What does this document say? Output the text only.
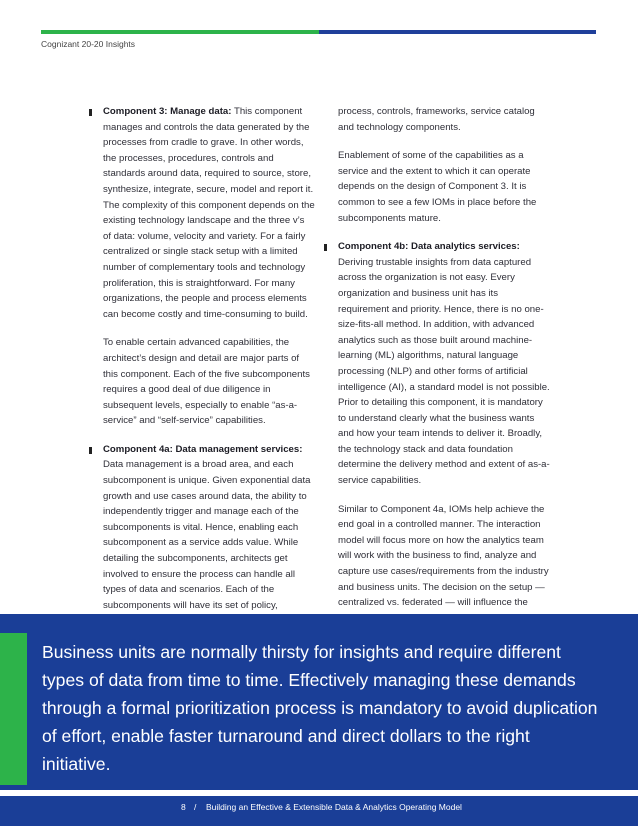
Cognizant 20-20 Insights

Component 3: Manage data: This component manages and controls the data generated by the processes from cradle to grave. In other words, the processes, procedures, controls and standards around data, required to source, store, synthesize, integrate, secure, model and report it. The complexity of this component depends on the existing technology landscape and the three v’s of data: volume, velocity and variety. For a fairly centralized or single stack setup with a limited number of complementary tools and technology proliferation, this is straightforward. For many organizations, the people and process elements can become costly and time-consuming to build.

To enable certain advanced capabilities, the architect’s design and detail are major parts of this component. Each of the five subcomponents requires a good deal of due diligence in subsequent levels, especially to enable “as-a-service” and “self-service” capabilities.

Component 4a: Data management services: Data management is a broad area, and each subcomponent is unique. Given exponential data growth and use cases around data, the ability to independently trigger and manage each of the subcomponents is vital. Hence, enabling each subcomponent as a service adds value. While detailing the subcomponents, architects get involved to ensure the process can handle all types of data and scenarios. Each of the subcomponents will have its set of policy,

process, controls, frameworks, service catalog and technology components.

Enablement of some of the capabilities as a service and the extent to which it can operate depends on the design of Component 3. It is common to see a few IOMs in place before the subcomponents mature.

Component 4b: Data analytics services: Deriving trustable insights from data captured across the organization is not easy. Every organization and business unit has its requirement and priority. Hence, there is no one-size-fits-all method. In addition, with advanced analytics such as those built around machine-learning (ML) algorithms, natural language processing (NLP) and other forms of artificial intelligence (AI), a standard model is not possible. Prior to detailing this component, it is mandatory to understand clearly what the business wants and how your team intends to deliver it. Broadly, the technology stack and data foundation determine the delivery method and extent of as-a-service capabilities.

Similar to Component 4a, IOMs help achieve the end goal in a controlled manner. The interaction model will focus more on how the analytics team will work with the business to find, analyze and capture use cases/requirements from the industry and business units. The decision on the setup — centralized vs. federated — will influence the

Business units are normally thirsty for insights and require different types of data from time to time. Effectively managing these demands through a formal prioritization process is mandatory to avoid duplication of effort, enable faster turnaround and direct dollars to the right initiative.
8 / Building an Effective & Extensible Data & Analytics Operating Model
